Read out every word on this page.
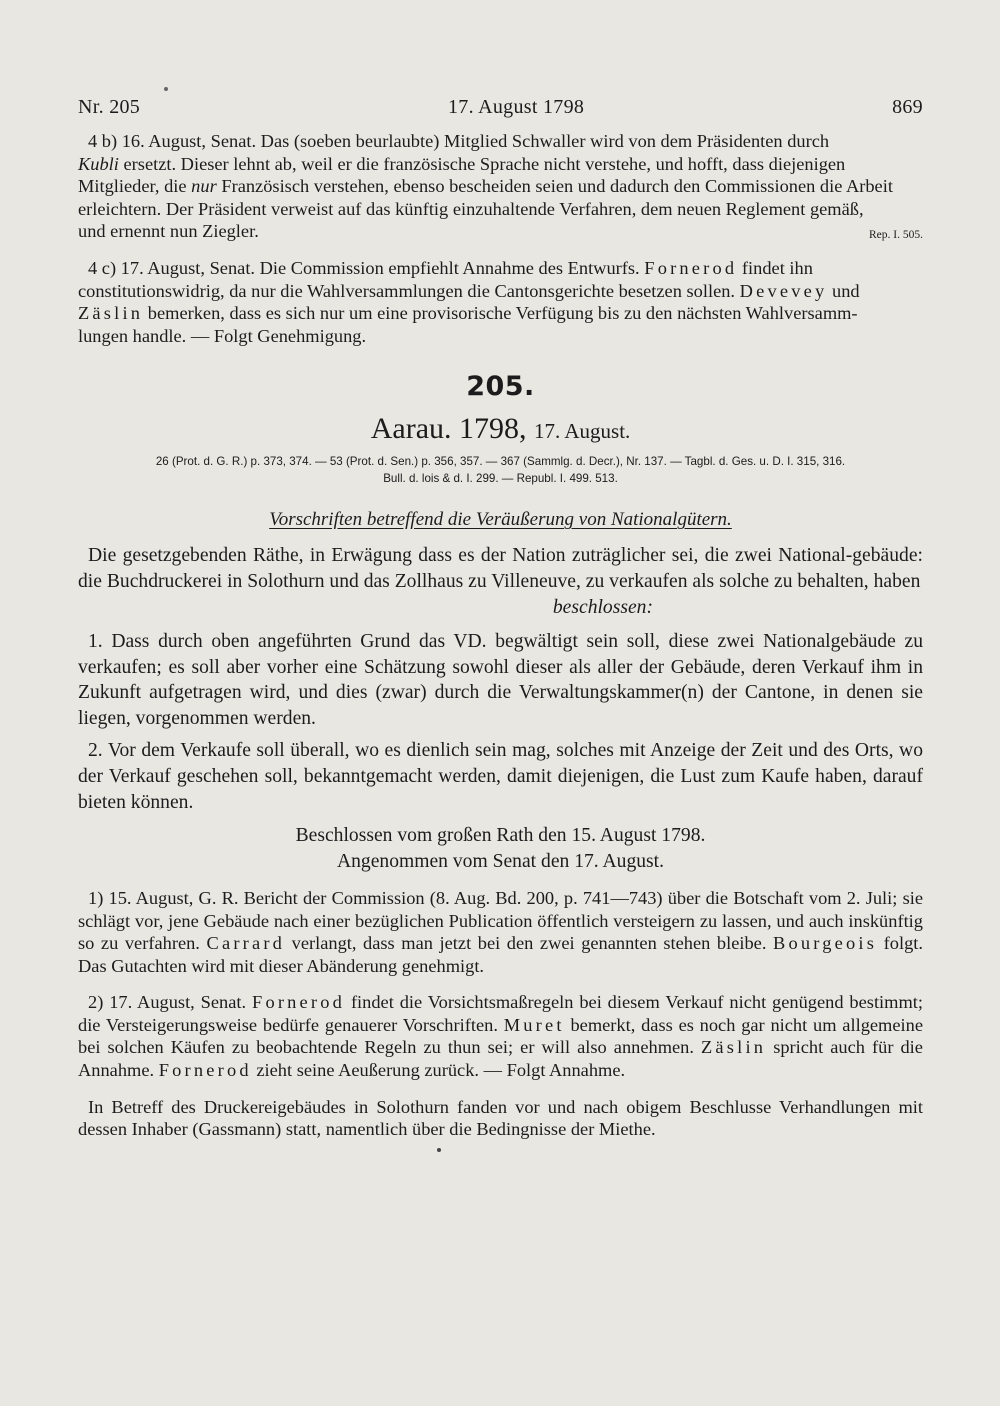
Nr. 205	17. August 1798	869
4 b) 16. August, Senat. Das (soeben beurlaubte) Mitglied Schwaller wird von dem Präsidenten durch
Kubli ersetzt. Dieser lehnt ab, weil er die französische Sprache nicht verstehe, und hofft, dass diejenigen
Mitglieder, die nur Französisch verstehen, ebenso bescheiden seien und dadurch den Commissionen die Arbeit
erleichtern. Der Präsident verweist auf das künftig einzuhaltende Verfahren, dem neuen Reglement gemäß,
und ernennt nun Ziegler.	Rep. I. 505.
4 c) 17. August, Senat. Die Commission empfiehlt Annahme des Entwurfs. Fornerod findet ihn
constitutionswidrig, da nur die Wahlversammlungen die Cantonsgerichte besetzen sollen. Devevey und
Zäslin bemerken, dass es sich nur um eine provisorische Verfügung bis zu den nächsten Wahlversamm-
lungen handle. — Folgt Genehmigung.
205.
Aarau. 1798, 17. August.
26 (Prot. d. G. R.) p. 373, 374. — 53 (Prot. d. Sen.) p. 356, 357. — 367 (Sammlg. d. Decr.), Nr. 137. — Tagbl. d. Ges. u. D. I. 315, 316.
Bull. d. lois & d. I. 299. — Republ. I. 499. 513.
Vorschriften betreffend die Veräußerung von Nationalgütern.
Die gesetzgebenden Räthe, in Erwägung dass es der Nation zuträglicher sei, die zwei National-gebäude: die Buchdruckerei in Solothurn und das Zollhaus zu Villeneuve, zu verkaufen als solche zu behalten, haben
beschlossen:
1. Dass durch oben angeführten Grund das VD. begwältigt sein soll, diese zwei Nationalgebäude zu verkaufen; es soll aber vorher eine Schätzung sowohl dieser als aller der Gebäude, deren Verkauf ihm in Zukunft aufgetragen wird, und dies (zwar) durch die Verwaltungskammer(n) der Cantone, in denen sie liegen, vorgenommen werden.
2. Vor dem Verkaufe soll überall, wo es dienlich sein mag, solches mit Anzeige der Zeit und des Orts, wo der Verkauf geschehen soll, bekanntgemacht werden, damit diejenigen, die Lust zum Kaufe haben, darauf bieten können.
Beschlossen vom großen Rath den 15. August 1798.
Angenommen vom Senat den 17. August.
1) 15. August, G. R. Bericht der Commission (8. Aug. Bd. 200, p. 741—743) über die Botschaft vom 2. Juli; sie schlägt vor, jene Gebäude nach einer bezüglichen Publication öffentlich versteigern zu lassen, und auch inskünftig so zu verfahren. Carrard verlangt, dass man jetzt bei den zwei genannten stehen bleibe. Bourgeois folgt. Das Gutachten wird mit dieser Abänderung genehmigt.
2) 17. August, Senat. Fornerod findet die Vorsichtsmaßregeln bei diesem Verkauf nicht genügend bestimmt; die Versteigerungsweise bedürfe genauerer Vorschriften. Muret bemerkt, dass es noch gar nicht um allgemeine bei solchen Käufen zu beobachtende Regeln zu thun sei; er will also annehmen. Zäslin spricht auch für die Annahme. Fornerod zieht seine Aeußerung zurück. — Folgt Annahme.
In Betreff des Druckereigebäudes in Solothurn fanden vor und nach obigem Beschlusse Verhandlungen mit dessen Inhaber (Gassmann) statt, namentlich über die Bedingnisse der Miethe.
